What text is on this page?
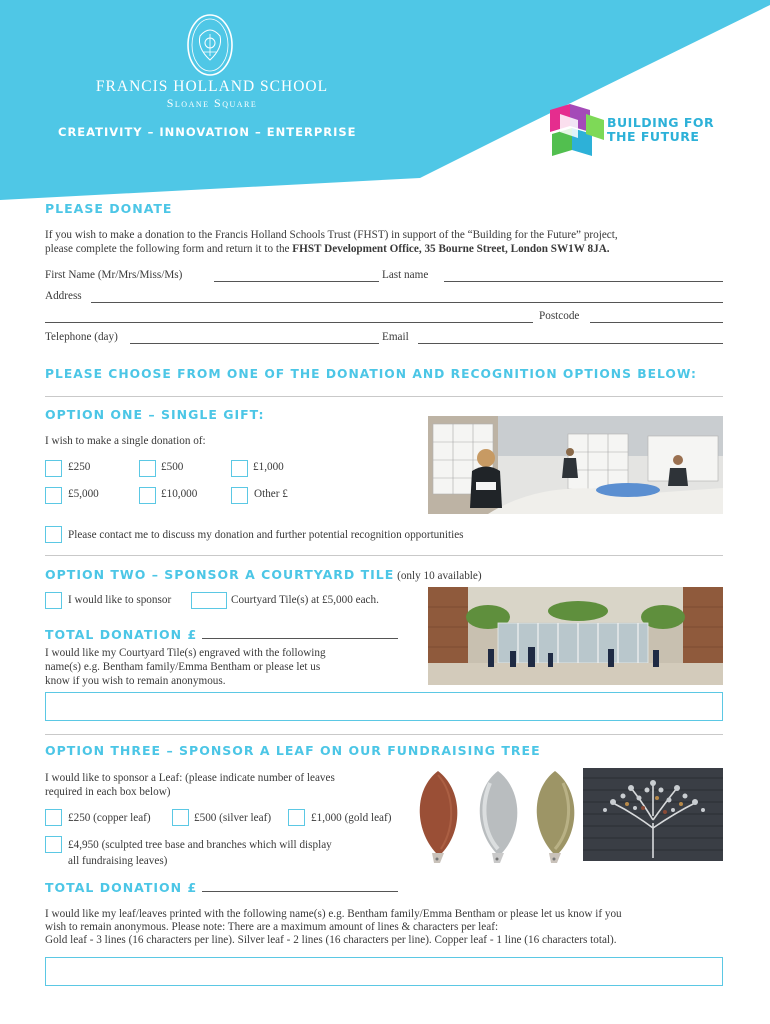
FRANCIS HOLLAND SCHOOL
Sloane Square
CREATIVITY – INNOVATION – ENTERPRISE
BUILDING FOR
THE FUTURE
PLEASE DONATE
If you wish to make a donation to the Francis Holland Schools Trust (FHST) in support of the “Building for the Future” project,
please complete the following form and return it to the FHST Development Office, 35 Bourne Street, London SW1W 8JA.
First Name (Mr/Mrs/Miss/Ms)	Last name
Address
Postcode
Telephone (day)	Email
PLEASE CHOOSE FROM ONE OF THE DONATION AND RECOGNITION OPTIONS BELOW:
OPTION ONE – SINGLE GIFT:
I wish to make a single donation of:
£250	£500	£1,000
£5,000	£10,000	Other £
Please contact me to discuss my donation and further potential recognition opportunities
OPTION TWO – SPONSOR A COURTYARD TILE (only 10 available)
I would like to sponsor	Courtyard Tile(s) at £5,000 each.
TOTAL DONATION £
I would like my Courtyard Tile(s) engraved with the following
name(s) e.g. Bentham family/Emma Bentham or please let us
know if you wish to remain anonymous.
OPTION THREE – SPONSOR A LEAF ON OUR FUNDRAISING TREE
I would like to sponsor a Leaf: (please indicate number of leaves
required in each box below)
£250 (copper leaf)	£500 (silver leaf)	£1,000 (gold leaf)
£4,950 (sculpted tree base and branches which will display
all fundraising leaves)
TOTAL DONATION £
I would like my leaf/leaves printed with the following name(s) e.g. Bentham family/Emma Bentham or please let us know if you
wish to remain anonymous. Please note: There are a maximum amount of lines & characters per leaf:
Gold leaf - 3 lines (16 characters per line). Silver leaf - 2 lines (16 characters per line). Copper leaf - 1 line (16 characters total).
